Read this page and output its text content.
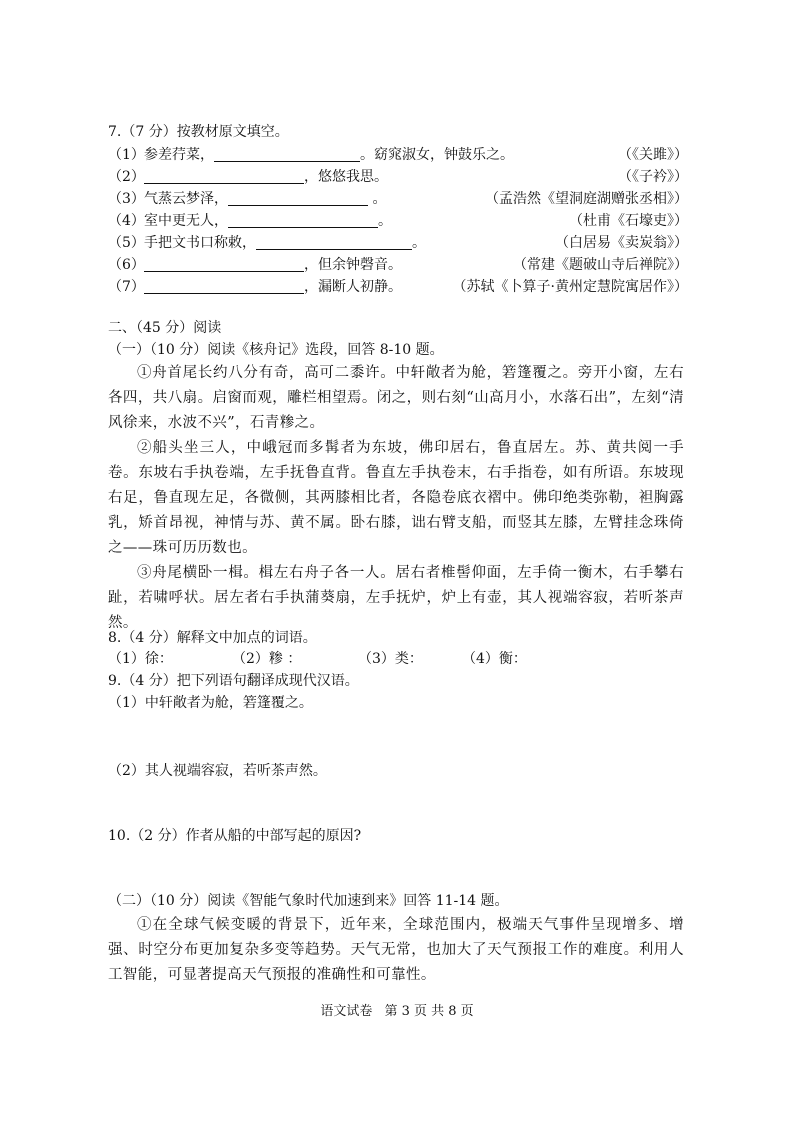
7.（7 分）按教材原文填空。
（1） 参差荇菜，	。窈窕淑女，钟鼓乐之。	（《关雎》）
（2）	，悠悠我思。	（《子衿》）
（3） 气蒸云梦泽，	。	（孟浩然《望洞庭湖赠张丞相》）
（4） 室中更无人，	。	（杜甫《石壕吏》）
（5） 手把文书口称敕，	。	（白居易《卖炭翁》）
（6）	，但余钟磬音。	（常建《题破山寺后禅院》）
（7）	，漏断人初静。	（苏轼《卜算子·黄州定慧院寓居作》）
二、（45 分）阅读
（一）（10 分）阅读《核舟记》选段，回答 8-10 题。

①舟首尾长约八分有奇，高可二黍许。中轩敞者为舱，箬篷覆之。旁开小窗，左右各四，共八扇。启窗而观，雕栏相望焉。闭之，则右刻“山高月小，水落石出”，左刻“清风徐来，水波不兴”，石青糁之。

②船头坐三人，中峨冠而多髯者为东坡，佛印居右，鲁直居左。苏、黄共阅一手卷。东坡右手执卷端，左手抚鲁直背。鲁直左手执卷末，右手指卷，如有所语。东坡现右足，鲁直现左足，各微侧，其两膝相比者，各隐卷底衣褶中。佛印绝类弥勒，袒胸露乳，矫首昂视，神情与苏、黄不属。卧右膝，诎右臂支船，而竖其左膝，左臂挂念珠倚之——珠可历历数也。

③舟尾横卧一楫。楫左右舟子各一人。居右者椎髻仰面，左手倚一衡木，右手攀右趾，若啸呼状。居左者右手执蒲葵扇，左手抚炉，炉上有壶，其人视端容寂，若听茶声然。

8.（4 分）解释文中加点的词语。
（1）徐：	（2）糁 ：	（3）类：	（4）衡：
9.（4 分）把下列语句翻译成现代汉语。
（1）中轩敞者为舱，箬篷覆之。
（2）其人视端容寂，若听茶声然。
10.（2 分）作者从船的中部写起的原因?
（二）（10 分）阅读《智能气象时代加速到来》回答 11-14 题。

①在全球气候变暖的背景下，近年来，全球范围内，极端天气事件呈现增多、增强、时空分布更加复杂多变等趋势。天气无常，也加大了天气预报工作的难度。利用人工智能，可显著提高天气预报的准确性和可靠性。

语文试卷 第 3 页 共 8 页
